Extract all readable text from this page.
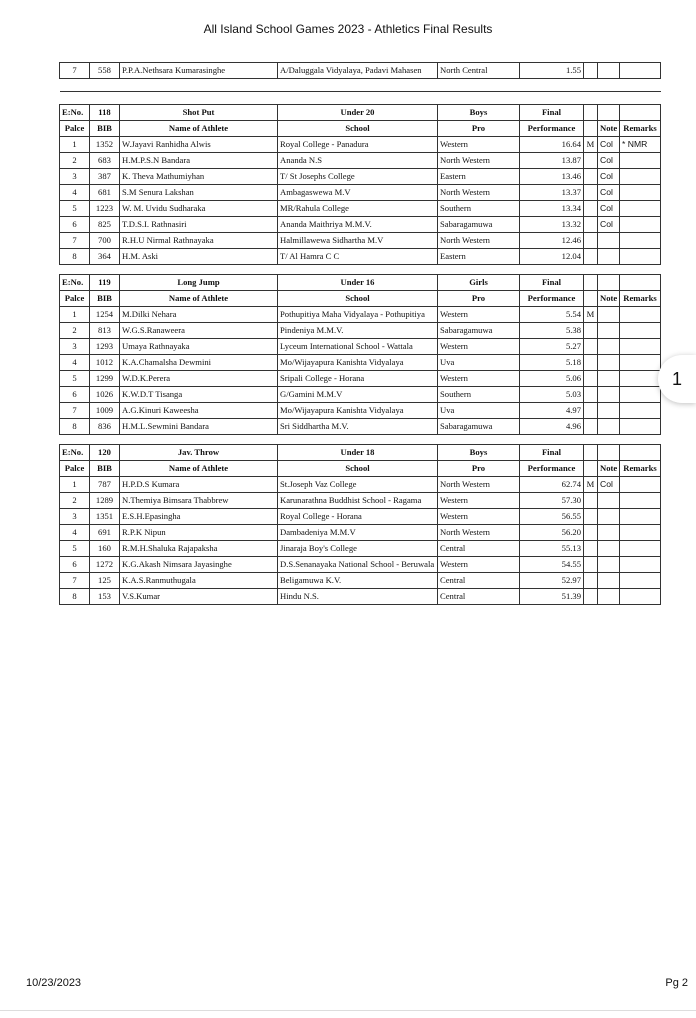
All Island School Games 2023 - Athletics Final Results
7	558	P.P.A.Nethsara Kumarasinghe	A/Daluggala Vidyalaya, Padavi Mahasen	North Central	1.55			

E:No.	118	Shot Put	Under 20	Boys	Final			
Palce	BIB	Name of Athlete	School	Pro	Performance		Note	Remarks
1	1352	W.Jayavi Ranhidha Alwis	Royal College - Panadura	Western	16.64	M	Col	* NMR
2	683	H.M.P.S.N Bandara	Ananda N.S	North Western	13.87		Col	
3	387	K. Theva Mathumiyhan	T/ St Josephs College	Eastern	13.46		Col	
4	681	S.M Senura Lakshan	Ambagaswewa M.V	North Western	13.37		Col	
5	1223	W. M. Uvidu Sudharaka	MR/Rahula College	Southern	13.34		Col	
6	825	T.D.S.I. Rathnasiri	Ananda Maithriya M.M.V.	Sabaragamuwa	13.32		Col	
7	700	R.H.U Nirmal Rathnayaka	Halmillawewa Sidhartha M.V	North Western	12.46			
8	364	H.M. Aski	T/ Al Hamra C C	Eastern	12.04			

E:No.	119	Long Jump	Under 16	Girls	Final			
Palce	BIB	Name of Athlete	School	Pro	Performance		Note	Remarks
1	1254	M.Dilki Nehara	Pothupitiya Maha Vidyalaya - Pothupitiya	Western	5.54	M		
2	813	W.G.S.Ranaweera	Pindeniya M.M.V.	Sabaragamuwa	5.38			
3	1293	Umaya Rathnayaka	Lyceum International School - Wattala	Western	5.27			
4	1012	K.A.Chamalsha Dewmini	Mo/Wijayapura Kanishta Vidyalaya	Uva	5.18			
5	1299	W.D.K.Perera	Sripali College - Horana	Western	5.06			
6	1026	K.W.D.T Tisanga	G/Gamini M.M.V	Southern	5.03			
7	1009	A.G.Kinuri Kaweesha	Mo/Wijayapura Kanishta Vidyalaya	Uva	4.97			
8	836	H.M.L.Sewmini Bandara	Sri Siddhartha M.V.	Sabaragamuwa	4.96			

E:No.	120	Jav. Throw	Under 18	Boys	Final			
Palce	BIB	Name of Athlete	School	Pro	Performance		Note	Remarks
1	787	H.P.D.S Kumara	St.Joseph Vaz College	North Western	62.74	M	Col	
2	1289	N.Themiya Bimsara Thabbrew	Karunarathna Buddhist School - Ragama	Western	57.30			
3	1351	E.S.H.Epasingha	Royal College - Horana	Western	56.55			
4	691	R.P.K Nipun	Dambadeniya M.M.V	North Western	56.20			
5	160	R.M.H.Shaluka Rajapaksha	Jinaraja Boy's College	Central	55.13			
6	1272	K.G.Akash Nimsara Jayasinghe	D.S.Senanayaka National School - Beruwala	Western	54.55			
7	125	K.A.S.Ranmuthugala	Beligamuwa K.V.	Central	52.97			
8	153	V.S.Kumar	Hindu N.S.	Central	51.39			
1
10/23/2023	Pg 2
